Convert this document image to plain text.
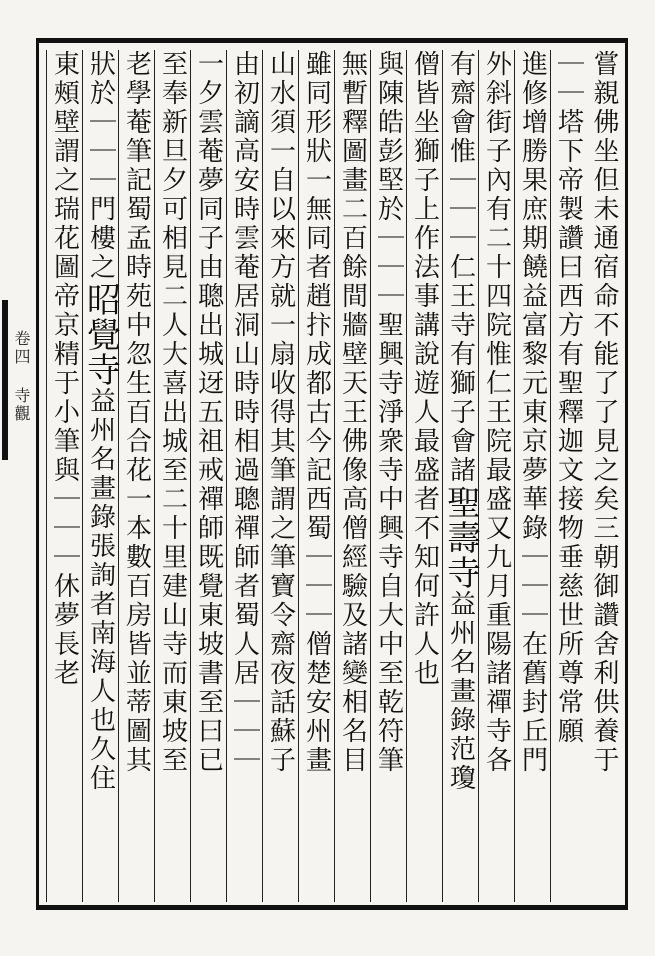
卷四 寺觀	嘗親佛坐但未通宿命不能了了見之矣三朝御讚舍利供養于
｜｜塔下帝製讚曰西方有聖釋迦文接物垂慈世所尊常願
進修增勝果庶期饒益富黎元東京夢華錄｜｜｜在舊封丘門
外斜街子內有二十四院惟仁王院最盛又九月重陽諸禪寺各
有齋會惟｜｜｜仁王寺有獅子會諸
聖壽寺
益州名畫錄范瓊
僧皆坐獅子上作法事講說遊人最盛
者不知何許人也
與陳皓彭堅於｜｜｜聖興寺淨衆寺中興寺自大中至乾符筆
無暫釋圖畫二百餘間牆壁天王佛像高僧經驗及諸變相名目
雖同形狀一無同者趙抃成都古今記西蜀｜｜｜僧楚安州畫
山水須一自以來方就一扇收得其筆謂之筆寶令齋夜話蘇子
由初謫高安時雲菴居洞山時時相過聰禪師者蜀人居｜｜｜
一夕雲菴夢同子由聰出城迓五祖戒禪師既覺東坡書至曰已
至奉新旦夕可相見二人大喜出城至二十里建山寺而東坡至
老學菴筆記蜀孟時苑中忽生百合花一本數百房皆並蒂圖其
狀於｜｜｜門樓之
昭覺寺
益州名畫錄張詢者南海人也久住
東頰壁謂之瑞花圖
帝京精于小筆與｜｜｜休夢長老
